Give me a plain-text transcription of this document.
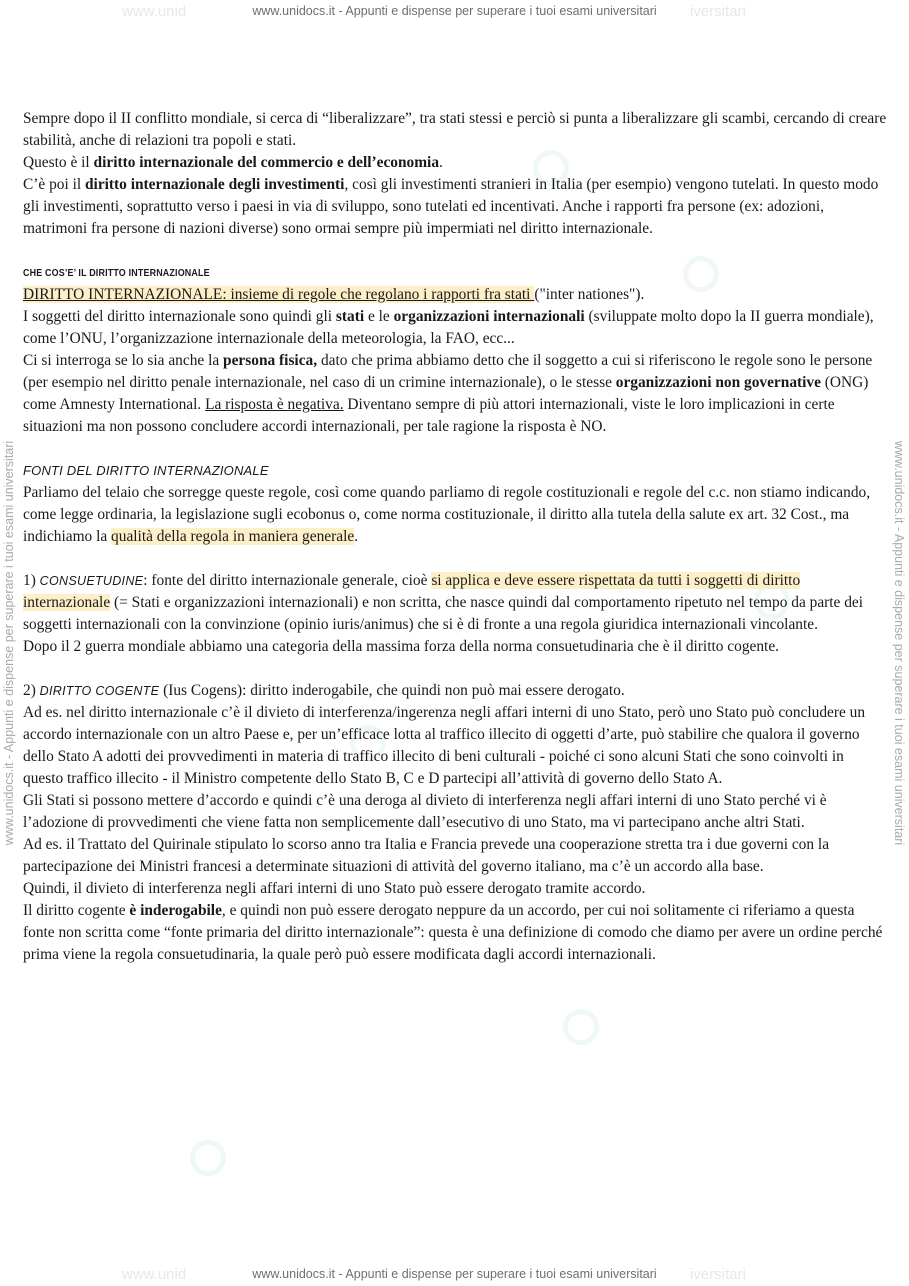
www.unid	iversitari
www.unidocs.it - Appunti e dispense per superare i tuoi esami universitari
www.unidocs.it - Appunti e dispense per superare i tuoi esami universitari	www.unidocs.it - Appunti e dispense per superare i tuoi esami universitari

Sempre dopo il II conflitto mondiale, si cerca di “liberalizzare”, tra stati stessi e perciò si punta a liberalizzare gli scambi, cercando di creare stabilità, anche di relazioni tra popoli e stati.

Questo è il diritto internazionale del commercio e dell’economia.

C’è poi il diritto internazionale degli investimenti, così gli investimenti stranieri in Italia (per esempio) vengono tutelati. In questo modo gli investimenti, soprattutto verso i paesi in via di sviluppo, sono tutelati ed incentivati. Anche i rapporti fra persone (ex: adozioni, matrimoni fra persone di nazioni diverse) sono ormai sempre più impermiati nel diritto internazionale.

CHE COS’E’ IL DIRITTO INTERNAZIONALE

DIRITTO INTERNAZIONALE: insieme di regole che regolano i rapporti fra stati ("inter nationes").

I soggetti del diritto internazionale sono quindi gli stati e le organizzazioni internazionali (sviluppate molto dopo la II guerra mondiale), come l’ONU, l’organizzazione internazionale della meteorologia, la FAO, ecc...

Ci si interroga se lo sia anche la persona fisica, dato che prima abbiamo detto che il soggetto a cui si riferiscono le regole sono le persone (per esempio nel diritto penale internazionale, nel caso di un crimine internazionale), o le stesse organizzazioni non governative (ONG) come Amnesty International. La risposta è negativa. Diventano sempre di più attori internazionali, viste le loro implicazioni in certe situazioni ma non possono concludere accordi internazionali, per tale ragione la risposta è NO.

FONTI DEL DIRITTO INTERNAZIONALE

Parliamo del telaio che sorregge queste regole, così come quando parliamo di regole costituzionali e regole del c.c. non stiamo indicando, come legge ordinaria, la legislazione sugli ecobonus o, come norma costituzionale, il diritto alla tutela della salute ex art. 32 Cost., ma indichiamo la qualità della regola in maniera generale.

1) CONSUETUDINE: fonte del diritto internazionale generale, cioè si applica e deve essere rispettata da tutti i soggetti di diritto internazionale (= Stati e organizzazioni internazionali) e non scritta, che nasce quindi dal comportamento ripetuto nel tempo da parte dei soggetti internazionali con la convinzione (opinio iuris/animus) che si è di fronte a una regola giuridica internazionali vincolante.

Dopo il 2 guerra mondiale abbiamo una categoria della massima forza della norma consuetudinaria che è il diritto cogente.

2) DIRITTO COGENTE (Ius Cogens): diritto inderogabile, che quindi non può mai essere derogato.

Ad es. nel diritto internazionale c’è il divieto di interferenza/ingerenza negli affari interni di uno Stato, però uno Stato può concludere un accordo internazionale con un altro Paese e, per un’efficace lotta al traffico illecito di oggetti d’arte, può stabilire che qualora il governo dello Stato A adotti dei provvedimenti in materia di traffico illecito di beni culturali - poiché ci sono alcuni Stati che sono coinvolti in questo traffico illecito - il Ministro competente dello Stato B, C e D partecipi all’attività di governo dello Stato A.

Gli Stati si possono mettere d’accordo e quindi c’è una deroga al divieto di interferenza negli affari interni di uno Stato perché vi è l’adozione di provvedimenti che viene fatta non semplicemente dall’esecutivo di uno Stato, ma vi partecipano anche altri Stati.

Ad es. il Trattato del Quirinale stipulato lo scorso anno tra Italia e Francia prevede una cooperazione stretta tra i due governi con la partecipazione dei Ministri francesi a determinate situazioni di attività del governo italiano, ma c’è un accordo alla base.

Quindi, il divieto di interferenza negli affari interni di uno Stato può essere derogato tramite accordo.

Il diritto cogente è inderogabile, e quindi non può essere derogato neppure da un accordo, per cui noi solitamente ci riferiamo a questa fonte non scritta come “fonte primaria del diritto internazionale”: questa è una definizione di comodo che diamo per avere un ordine perché prima viene la regola consuetudinaria, la quale però può essere modificata dagli accordi internazionali.

www.unid	iversitari
www.unidocs.it - Appunti e dispense per superare i tuoi esami universitari
